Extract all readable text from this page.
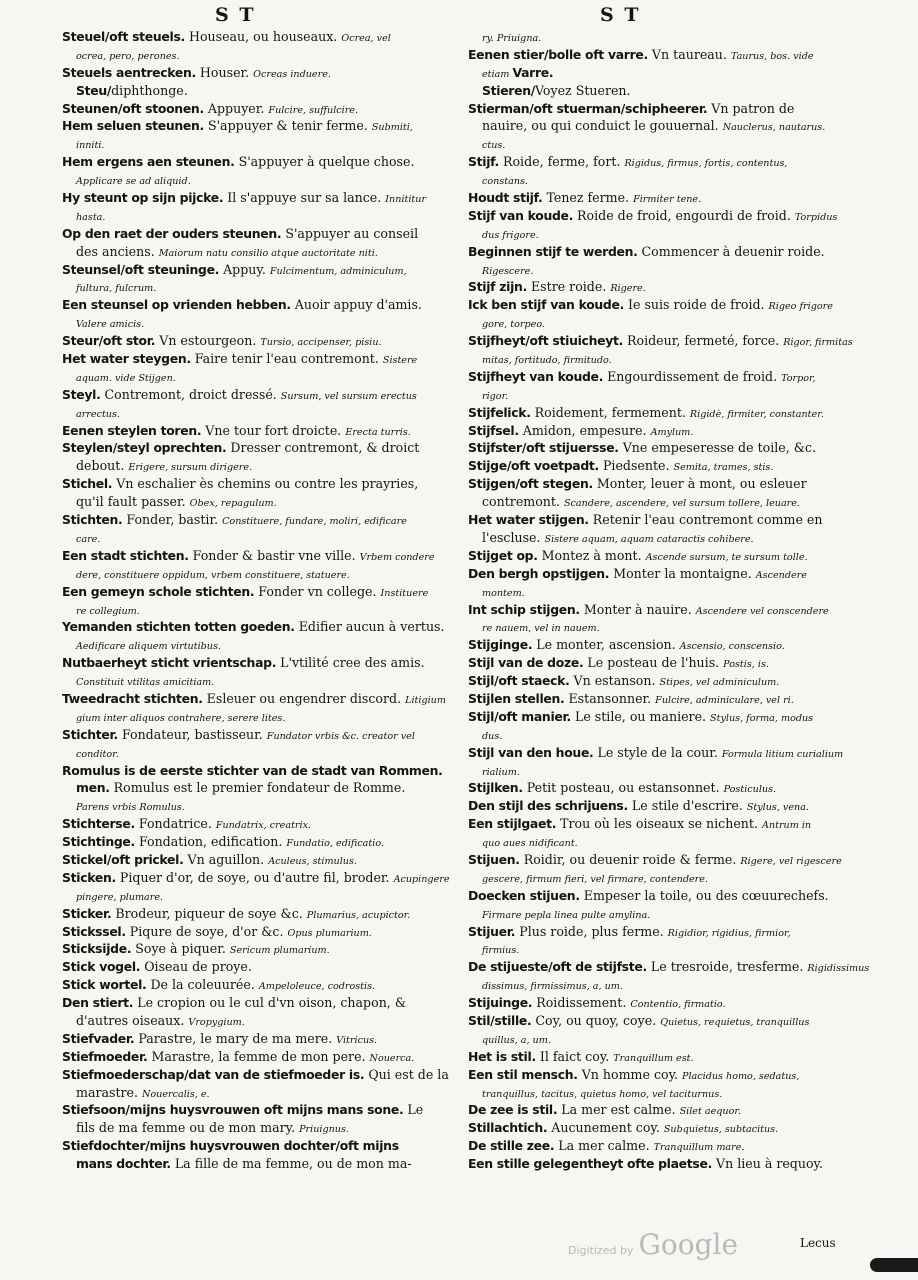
S T	S T
Steuel/oft steuels. Houseau, ou houseaux. Ocrea, vel
ocrea, pero, perones.
Steuels aentrecken. Houser. Ocreas induere.
Steu/diphthonge.
Steunen/oft stoonen. Appuyer. Fulcire, suffulcire.
Hem seluen steunen. S'appuyer & tenir ferme. Submiti,
inniti.
Hem ergens aen steunen. S'appuyer à quelque chose.
Applicare se ad aliquid.
Hy steunt op sijn pijcke. Il s'appuye sur sa lance. Innititur
hasta.
Op den raet der ouders steunen. S'appuyer au conseil
des anciens. Maiorum natu consilio atque auctoritate niti.
Steunsel/oft steuninge. Appuy. Fulcimentum, adminiculum,
fultura, fulcrum.
Een steunsel op vrienden hebben. Auoir appuy d'amis.
Valere amicis.
Steur/oft stor. Vn estourgeon. Tursio, accipenser, pisiu.
Het water steygen. Faire tenir l'eau contremont. Sistere
aquam. vide Stijgen.
Steyl. Contremont, droict dressé. Sursum, vel sursum erectus
arrectus.
Eenen steylen toren. Vne tour fort droicte. Erecta turris.
Steylen/steyl oprechten. Dresser contremont, & droict
debout. Erigere, sursum dirigere.
Stichel. Vn eschalier ès chemins ou contre les prayries,
qu'il fault passer. Obex, repagulum.
Stichten. Fonder, bastir. Constituere, fundare, moliri, edificare
care.
Een stadt stichten. Fonder & bastir vne ville. Vrbem condere
dere, constituere oppidum, vrbem constituere, statuere.
Een gemeyn schole stichten. Fonder vn college. Instituere
re collegium.
Yemanden stichten totten goeden. Edifier aucun à vertus.
Aedificare aliquem virtutibus.
Nutbaerheyt sticht vrientschap. L'vtilité cree des amis.
Constituit vtilitas amicitiam.
Tweedracht stichten. Esleuer ou engendrer discord. Litigium
gium inter aliquos contrahere, serere lites.
Stichter. Fondateur, bastisseur. Fundator vrbis &c. creator vel
conditor.
Romulus is de eerste stichter van de stadt van Rommen.
men. Romulus est le premier fondateur de Romme.
Parens vrbis Romulus.
Stichterse. Fondatrice. Fundatrix, creatrix.
Stichtinge. Fondation, edification. Fundatio, edificatio.
Stickel/oft prickel. Vn aguillon. Aculeus, stimulus.
Sticken. Piquer d'or, de soye, ou d'autre fil, broder. Acupingere
pingere, plumare.
Sticker. Brodeur, piqueur de soye &c. Plumarius, acupictor.
Stickssel. Piqure de soye, d'or &c. Opus plumarium.
Sticksijde. Soye à piquer. Sericum plumarium.
Stick vogel. Oiseau de proye.
Stick wortel. De la coleuurée. Ampeloleuce, codrostis.
Den stiert. Le cropion ou le cul d'vn oison, chapon, &
d'autres oiseaux. Vropygium.
Stiefvader. Parastre, le mary de ma mere. Vitricus.
Stiefmoeder. Marastre, la femme de mon pere. Nouerca.
Stiefmoederschap/dat van de stiefmoeder is. Qui est de la
marastre. Nouercalis, e.
Stiefsoon/mijns huysvrouwen oft mijns mans sone. Le
fils de ma femme ou de mon mary. Priuignus.
Stiefdochter/mijns huysvrouwen dochter/oft mijns
mans dochter. La fille de ma femme, ou de mon ma-
ry. Priuigna.
Eenen stier/bolle oft varre. Vn taureau. Taurus, bos. vide
etiam Varre.
Stieren/Voyez Stueren.
Stierman/oft stuerman/schipheerer. Vn patron de
nauire, ou qui conduict le gouuernal. Nauclerus, nautarus.
ctus.
Stijf. Roide, ferme, fort. Rigidus, firmus, fortis, contentus,
constans.
Houdt stijf. Tenez ferme. Firmiter tene.
Stijf van koude. Roide de froid, engourdi de froid. Torpidus
dus frigore.
Beginnen stijf te werden. Commencer à deuenir roide.
Rigescere.
Stijf zijn. Estre roide. Rigere.
Ick ben stijf van koude. Ie suis roide de froid. Rigeo frigore
gore, torpeo.
Stijfheyt/oft stiuicheyt. Roideur, fermeté, force. Rigor, firmitas
mitas, fortitudo, firmitudo.
Stijfheyt van koude. Engourdissement de froid. Torpor,
rigor.
Stijfelick. Roidement, fermement. Rigidè, firmiter, constanter.
Stijfsel. Amidon, empesure. Amylum.
Stijfster/oft stijuersse. Vne empeseresse de toile, &c.
Stijge/oft voetpadt. Piedsente. Semita, trames, stis.
Stijgen/oft stegen. Monter, leuer à mont, ou esleuer
contremont. Scandere, ascendere, vel sursum tollere, leuare.
Het water stijgen. Retenir l'eau contremont comme en
l'escluse. Sistere aquam, aquam cataractis cohibere.
Stijget op. Montez à mont. Ascende sursum, te sursum tolle.
Den bergh opstijgen. Monter la montaigne. Ascendere
montem.
Int schip stijgen. Monter à nauire. Ascendere vel conscendere
re nauem, vel in nauem.
Stijginge. Le monter, ascension. Ascensio, conscensio.
Stijl van de doze. Le posteau de l'huis. Postis, is.
Stijl/oft staeck. Vn estanson. Stipes, vel adminiculum.
Stijlen stellen. Estansonner. Fulcire, adminiculare, vel ri.
Stijl/oft manier. Le stile, ou maniere. Stylus, forma, modus
dus.
Stijl van den houe. Le style de la cour. Formula litium curialium
rialium.
Stijlken. Petit posteau, ou estansonnet. Posticulus.
Den stijl des schrijuens. Le stile d'escrire. Stylus, vena.
Een stijlgaet. Trou où les oiseaux se nichent. Antrum in
quo aues nidificant.
Stijuen. Roidir, ou deuenir roide & ferme. Rigere, vel rigescere
gescere, firmum fieri, vel firmare, contendere.
Doecken stijuen. Empeser la toile, ou des cœuurechefs.
Firmare pepla linea pulte amylina.
Stijuer. Plus roide, plus ferme. Rigidior, rigidius, firmior,
firmius.
De stijueste/oft de stijfste. Le tresroide, tresferme. Rigidissimus
dissimus, firmissimus, a, um.
Stijuinge. Roidissement. Contentio, firmatio.
Stil/stille. Coy, ou quoy, coye. Quietus, requietus, tranquillus
quillus, a, um.
Het is stil. Il faict coy. Tranquillum est.
Een stil mensch. Vn homme coy. Placidus homo, sedatus,
tranquillus, tacitus, quietus homo, vel taciturnus.
De zee is stil. La mer est calme. Silet aequor.
Stillachtich. Aucunement coy. Subquietus, subtacitus.
De stille zee. La mer calme. Tranquillum mare.
Een stille gelegentheyt ofte plaetse. Vn lieu à requoy.
Digitized by Google	Lecus
